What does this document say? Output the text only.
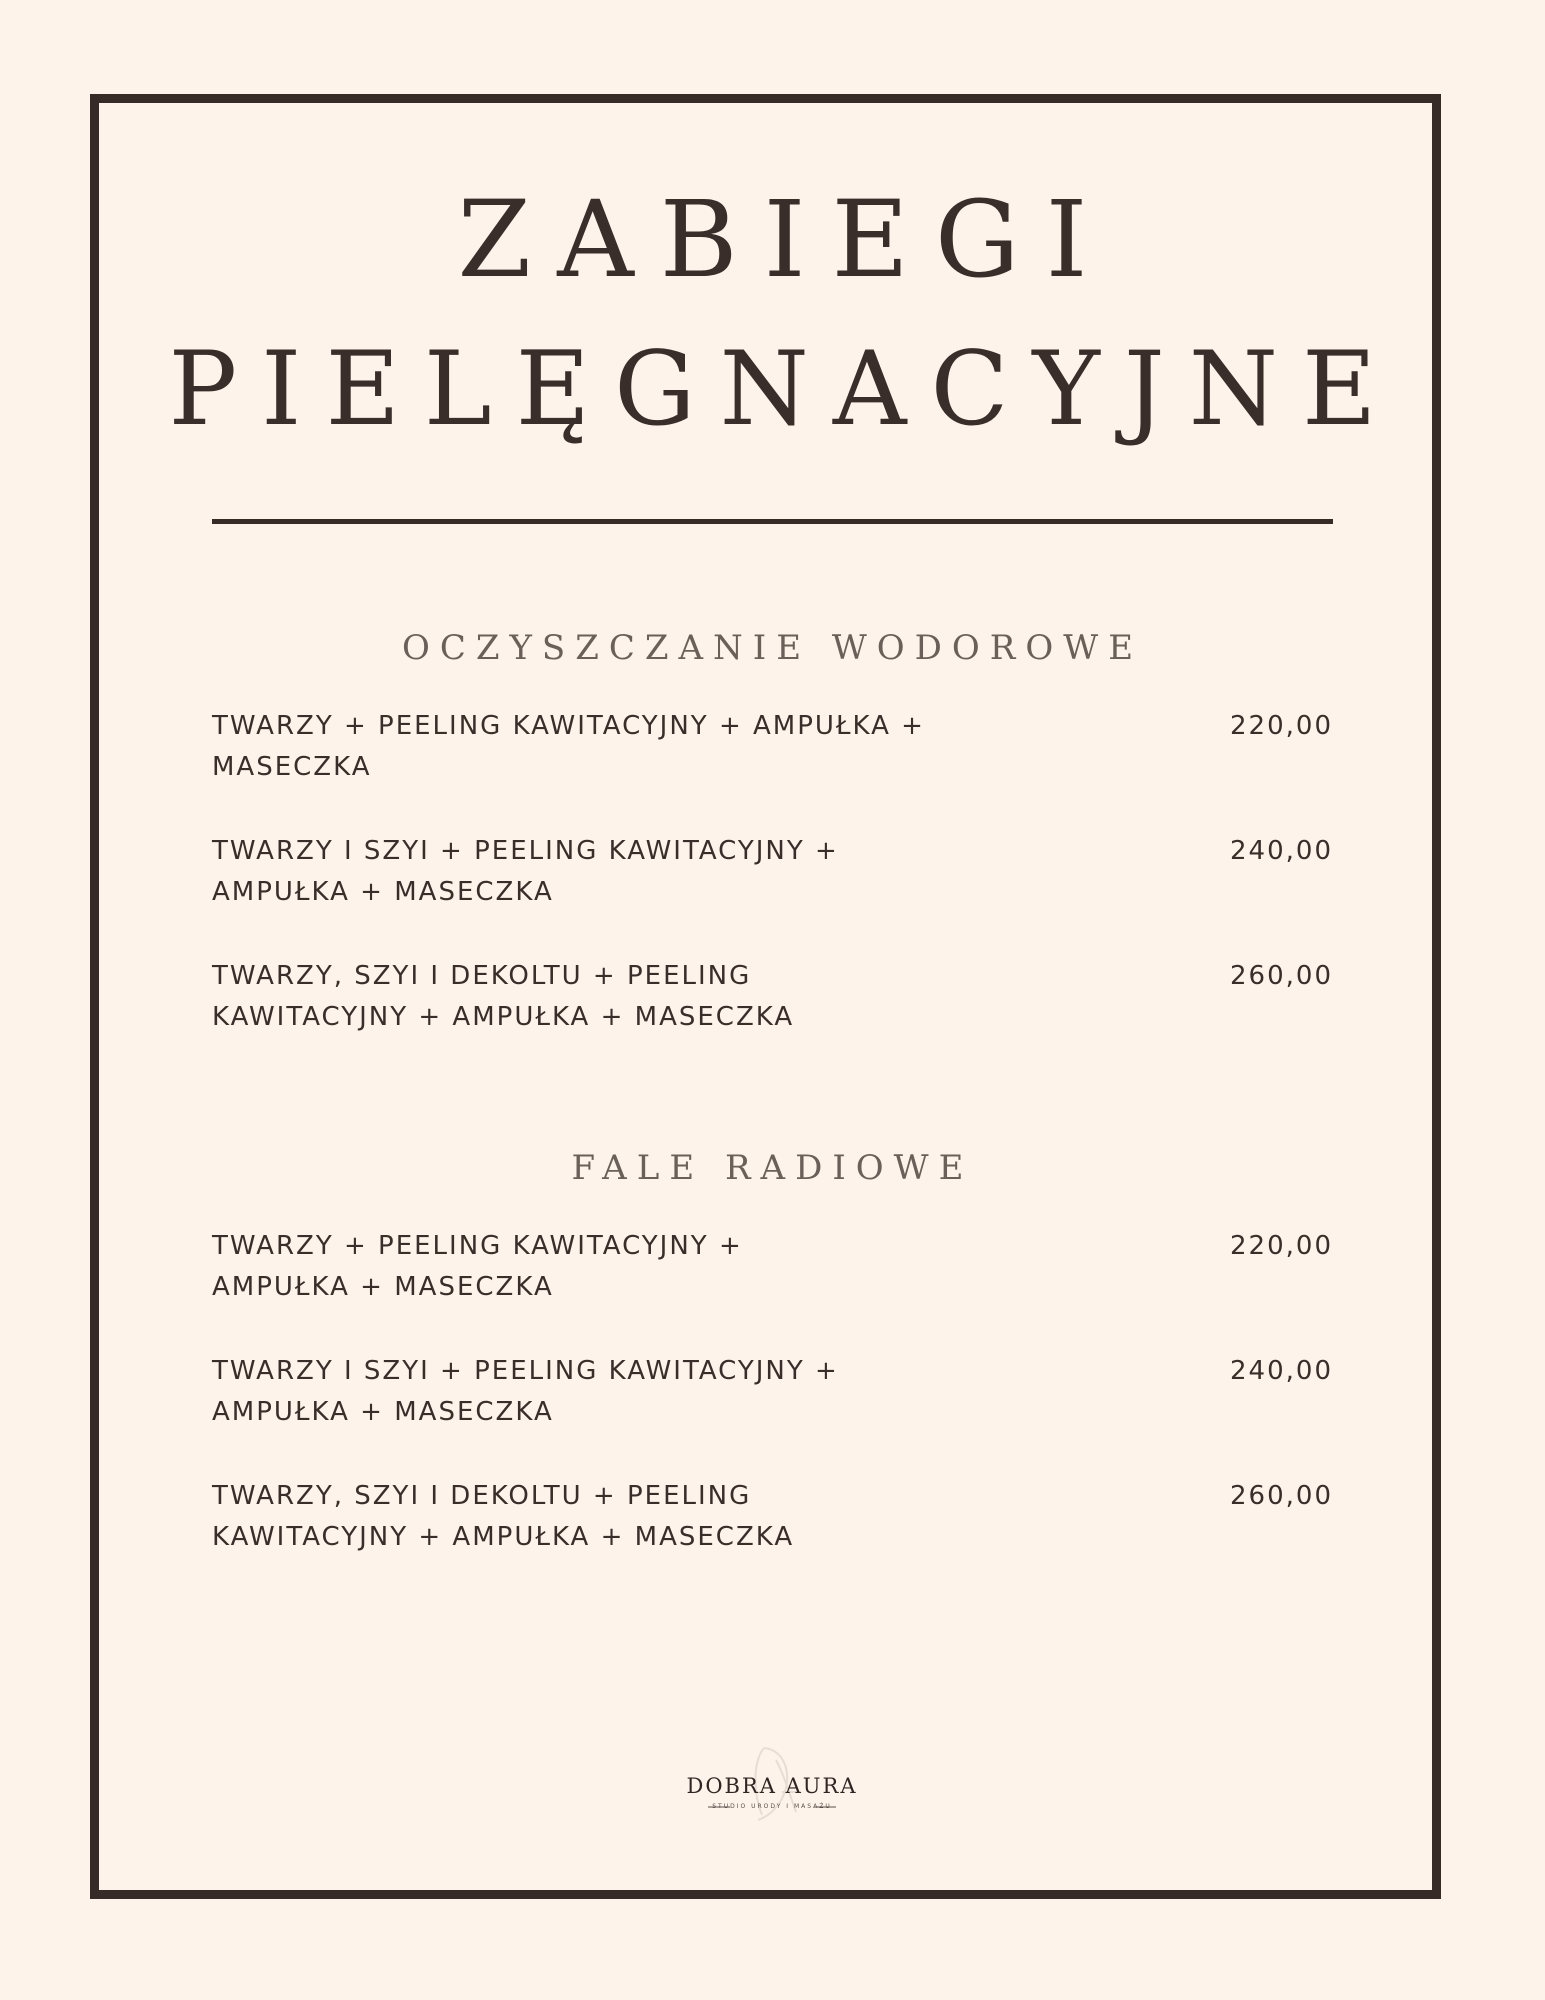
ZABIEGI
PIELĘGNACYJNE
OCZYSZCZANIE WODOROWE
TWARZY + PEELING KAWITACYJNY + AMPUŁKA + MASECZKA
220,00
TWARZY I SZYI + PEELING KAWITACYJNY + AMPUŁKA + MASECZKA
240,00
TWARZY, SZYI I DEKOLTU + PEELING KAWITACYJNY + AMPUŁKA + MASECZKA
260,00
FALE RADIOWE
TWARZY + PEELING KAWITACYJNY + AMPUŁKA + MASECZKA
220,00
TWARZY I SZYI + PEELING KAWITACYJNY + AMPUŁKA + MASECZKA
240,00
TWARZY, SZYI I DEKOLTU + PEELING KAWITACYJNY + AMPUŁKA + MASECZKA
260,00
DOBRA AURA
STUDIO URODY I MASAŻU
